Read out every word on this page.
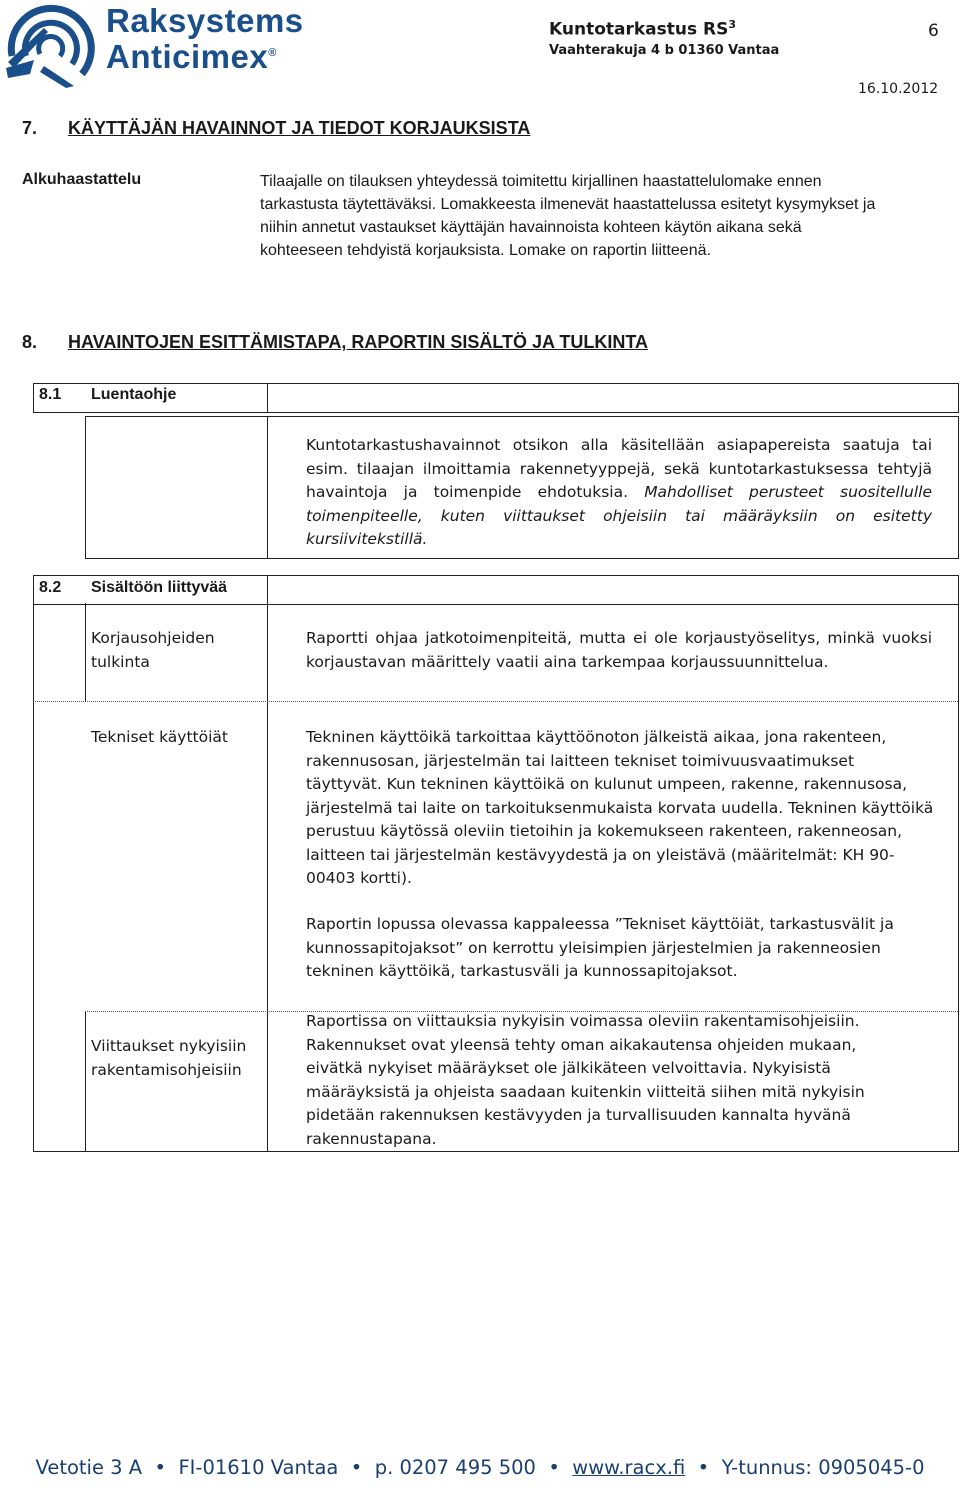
Raksystems
Anticimex®
Kuntotarkastus $RS^3$
Vaahterakuja 4 b 01360 Vantaa
6
16.10.2012
7. KÄYTTÄJÄN HAVAINNOT JA TIEDOT KORJAUKSISTA
Alkuhaastattelu	Tilaajalle on tilauksen yhteydessä toimitettu kirjallinen haastattelulomake ennen
tarkastusta täytettäväksi. Lomakkeesta ilmenevät haastattelussa esitetyt kysymykset ja
niihin annetut vastaukset käyttäjän havainnoista kohteen käytön aikana sekä
kohteeseen tehdyistä korjauksista. Lomake on raportin liitteenä.
8. HAVAINTOJEN ESITTÄMISTAPA, RAPORTIN SISÄLTÖ JA TULKINTA
8.1 Luentaohje
Kuntotarkastushavainnot otsikon alla käsitellään asiapapereista saatuja tai esim. tilaajan ilmoittamia rakennetyyppejä, sekä kuntotarkastuksessa tehtyjä havaintoja ja toimenpide ehdotuksia. Mahdolliset perusteet suositellulle toimenpiteelle, kuten viittaukset ohjeisiin tai määräyksiin on esitetty kursiivitekstillä.
8.2 Sisältöön liittyvää
Korjausohjeiden tulkinta
Raportti ohjaa jatkotoimenpiteitä, mutta ei ole korjaustyöselitys, minkä vuoksi korjaustavan määrittely vaatii aina tarkempaa korjaussuunnittelua.
Tekniset käyttöiät	Tekninen käyttöikä tarkoittaa käyttöönoton jälkeistä aikaa, jona rakenteen, rakennusosan, järjestelmän tai laitteen tekniset toimivuusvaatimukset täyttyvät. Kun tekninen käyttöikä on kulunut umpeen, rakenne, rakennusosa, järjestelmä tai laite on tarkoituksenmukaista korvata uudella. Tekninen käyttöikä perustuu käytössä oleviin tietoihin ja kokemukseen rakenteen, rakenneosan, laitteen tai järjestelmän kestävyydestä ja on yleistävä (määritelmät: KH 90-00403 kortti).
Raportin lopussa olevassa kappaleessa ”Tekniset käyttöiät, tarkastusvälit ja kunnossapitojaksot” on kerrottu yleisimpien järjestelmien ja rakenneosien tekninen käyttöikä, tarkastusväli ja kunnossapitojaksot.
Viittaukset nykyisiin rakentamisohjeisiin
Raportissa on viittauksia nykyisin voimassa oleviin rakentamisohjeisiin. Rakennukset ovat yleensä tehty oman aikakautensa ohjeiden mukaan, eivätkä nykyiset määräykset ole jälkikäteen velvoittavia. Nykyisistä määräyksistä ja ohjeista saadaan kuitenkin viitteitä siihen mitä nykyisin pidetään rakennuksen kestävyyden ja turvallisuuden kannalta hyvänä rakennustapana.
Vetotie 3 A • FI-01610 Vantaa • p. 0207 495 500 • www.racx.fi • Y-tunnus: 0905045-0
